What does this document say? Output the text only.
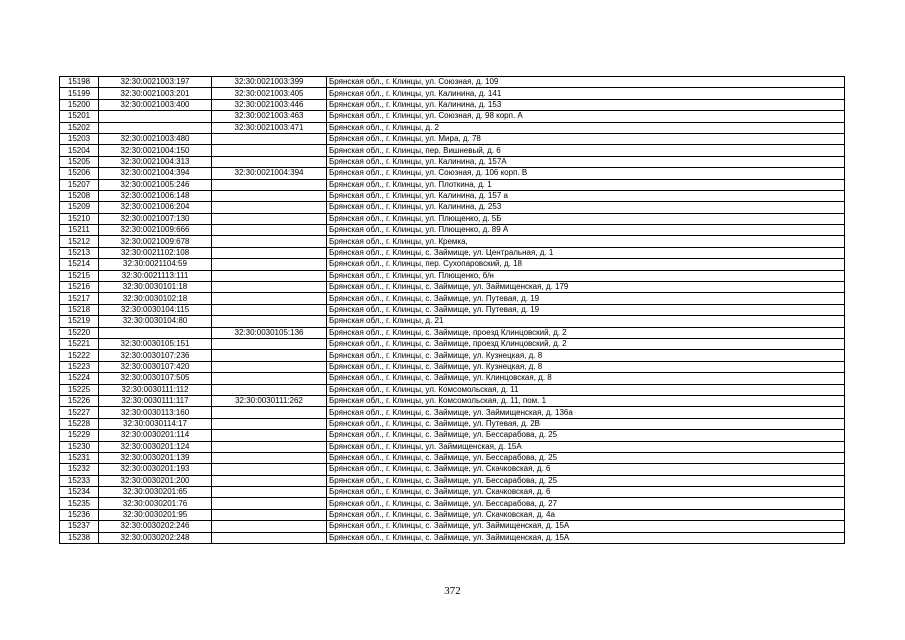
15198	32:30:0021003:197	32:30:0021003:399	Брянская обл., г. Клинцы, ул. Союзная, д. 109
15199	32:30:0021003:201	32:30:0021003:405	Брянская обл., г. Клинцы, ул. Калинина, д. 141
15200	32:30:0021003:400	32:30:0021003:446	Брянская обл., г. Клинцы, ул. Калинина, д. 153
15201		32:30:0021003:463	Брянская обл., г. Клинцы, ул. Союзная, д. 98 корп. А
15202		32:30:0021003:471	Брянская обл., г. Клинцы, д. 2
15203	32:30:0021003:480		Брянская обл., г. Клинцы, ул. Мира, д. 78
15204	32:30:0021004:150		Брянская обл., г. Клинцы, пер. Вишневый, д. 6
15205	32:30:0021004:313		Брянская обл., г. Клинцы, ул. Калинина, д. 157А
15206	32:30:0021004:394	32:30:0021004:394	Брянская обл., г. Клинцы, ул. Союзная, д. 106 корп. В
15207	32:30:0021005:246		Брянская обл., г. Клинцы, ул. Плоткина, д. 1
15208	32:30:0021006:148		Брянская обл., г. Клинцы, ул. Калинина, д. 157 а
15209	32:30:0021006:204		Брянская обл., г. Клинцы, ул. Калинина, д. 253
15210	32:30:0021007:130		Брянская обл., г. Клинцы, ул. Плющенко, д. 5Б
15211	32:30:0021009:666		Брянская обл., г. Клинцы, ул. Плющенко, д. 89 А
15212	32:30:0021009:678		Брянская обл., г. Клинцы, ул. Кремка,
15213	32:30:0021102:108		Брянская обл., г. Клинцы, с. Займище, ул. Центральная, д. 1
15214	32:30:0021104:59		Брянская обл., г. Клинцы, пер. Сухопаровский, д. 18
15215	32:30:0021113:111		Брянская обл., г. Клинцы, ул. Плющенко, б/н
15216	32:30:0030101:18		Брянская обл., г. Клинцы, с. Займище, ул. Займищенская, д. 179
15217	32:30:0030102:18		Брянская обл., г. Клинцы, с. Займище, ул. Путевая, д. 19
15218	32:30:0030104:115		Брянская обл., г. Клинцы, с. Займище, ул. Путевая, д. 19
15219	32:30:0030104:80		Брянская обл., г. Клинцы, д. 21
15220		32:30:0030105:136	Брянская обл., г. Клинцы, с. Займище, проезд Клинцовский, д. 2
15221	32:30:0030105:151		Брянская обл., г. Клинцы, с. Займище, проезд Клинцовский, д. 2
15222	32:30:0030107:236		Брянская обл., г. Клинцы, с. Займище, ул. Кузнецкая, д. 8
15223	32:30:0030107:420		Брянская обл., г. Клинцы, с. Займище, ул. Кузнецкая, д. 8
15224	32:30:0030107:505		Брянская обл., г. Клинцы, с. Займище, ул. Клинцовская, д. 8
15225	32:30:0030111:112		Брянская обл., г. Клинцы, ул. Комсомольская, д. 11
15226	32:30:0030111:117	32:30:0030111:262	Брянская обл., г. Клинцы, ул. Комсомольская, д. 11, пом. 1
15227	32:30:0030113:160		Брянская обл., г. Клинцы, с. Займище, ул. Займищенская, д. 136а
15228	32:30:0030114:17		Брянская обл., г. Клинцы, с. Займище, ул. Путевая, д. 2В
15229	32:30:0030201:114		Брянская обл., г. Клинцы, с. Займище, ул. Бессарабова, д. 25
15230	32:30:0030201:124		Брянская обл., г. Клинцы, ул. Займищенская, д. 15А
15231	32:30:0030201:139		Брянская обл., г. Клинцы, с. Займище, ул. Бессарабова, д. 25
15232	32:30:0030201:193		Брянская обл., г. Клинцы, с. Займище, ул. Скачковская, д. 6
15233	32:30:0030201:200		Брянская обл., г. Клинцы, с. Займище, ул. Бессарабова, д. 25
15234	32:30:0030201:65		Брянская обл., г. Клинцы, с. Займище, ул. Скачковская, д. 6
15235	32:30:0030201:76		Брянская обл., г. Клинцы, с. Займище, ул. Бессарабова, д. 27
15236	32:30:0030201:95		Брянская обл., г. Клинцы, с. Займище, ул. Скачковская, д. 4а
15237	32:30:0030202:246		Брянская обл., г. Клинцы, с. Займище, ул. Займищенская, д. 15А
15238	32:30:0030202:248		Брянская обл., г. Клинцы, с. Займище, ул. Займищенская, д. 15А
372
